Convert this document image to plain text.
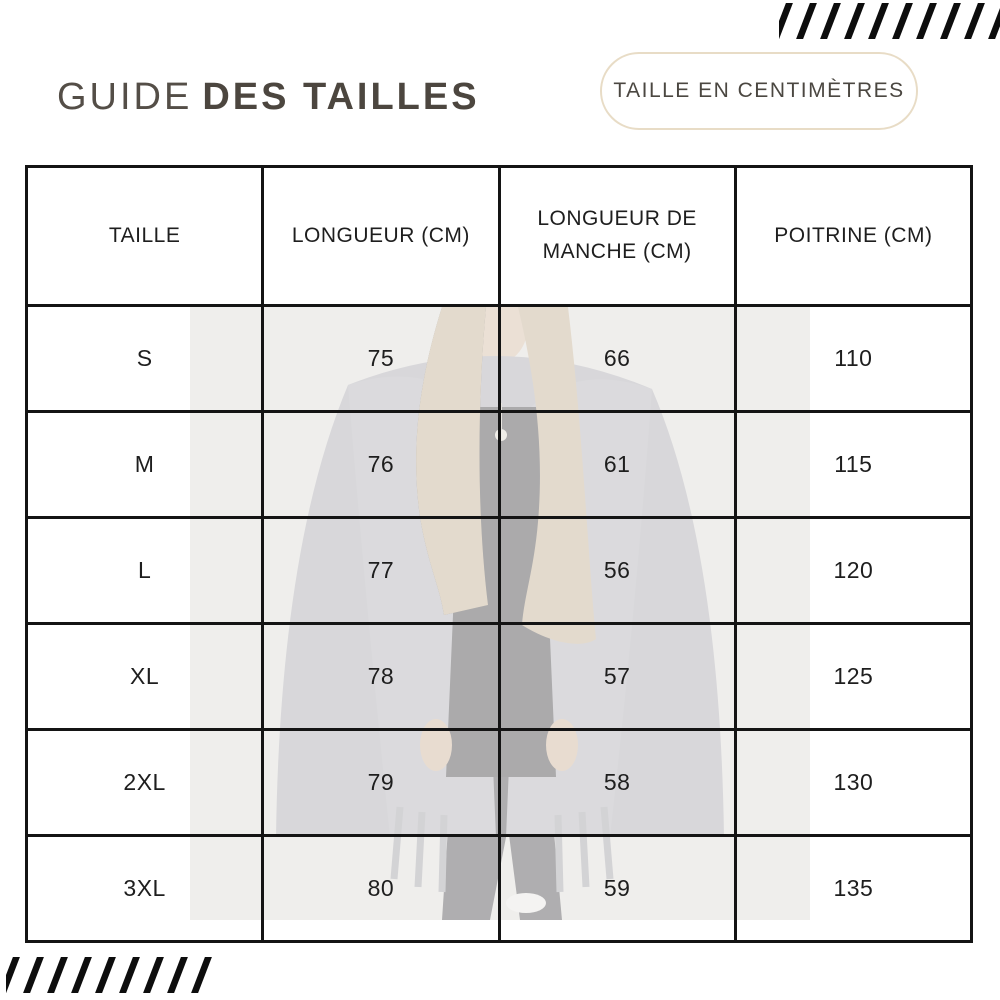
GUIDE DES TAILLES	TAILLE EN CENTIMÈTRES
TAILLE	LONGUEUR (CM)	LONGUEUR DE MANCHE (CM)	POITRINE (CM)
S	75	66	110
M	76	61	115
L	77	56	120
XL	78	57	125
2XL	79	58	130
3XL	80	59	135
